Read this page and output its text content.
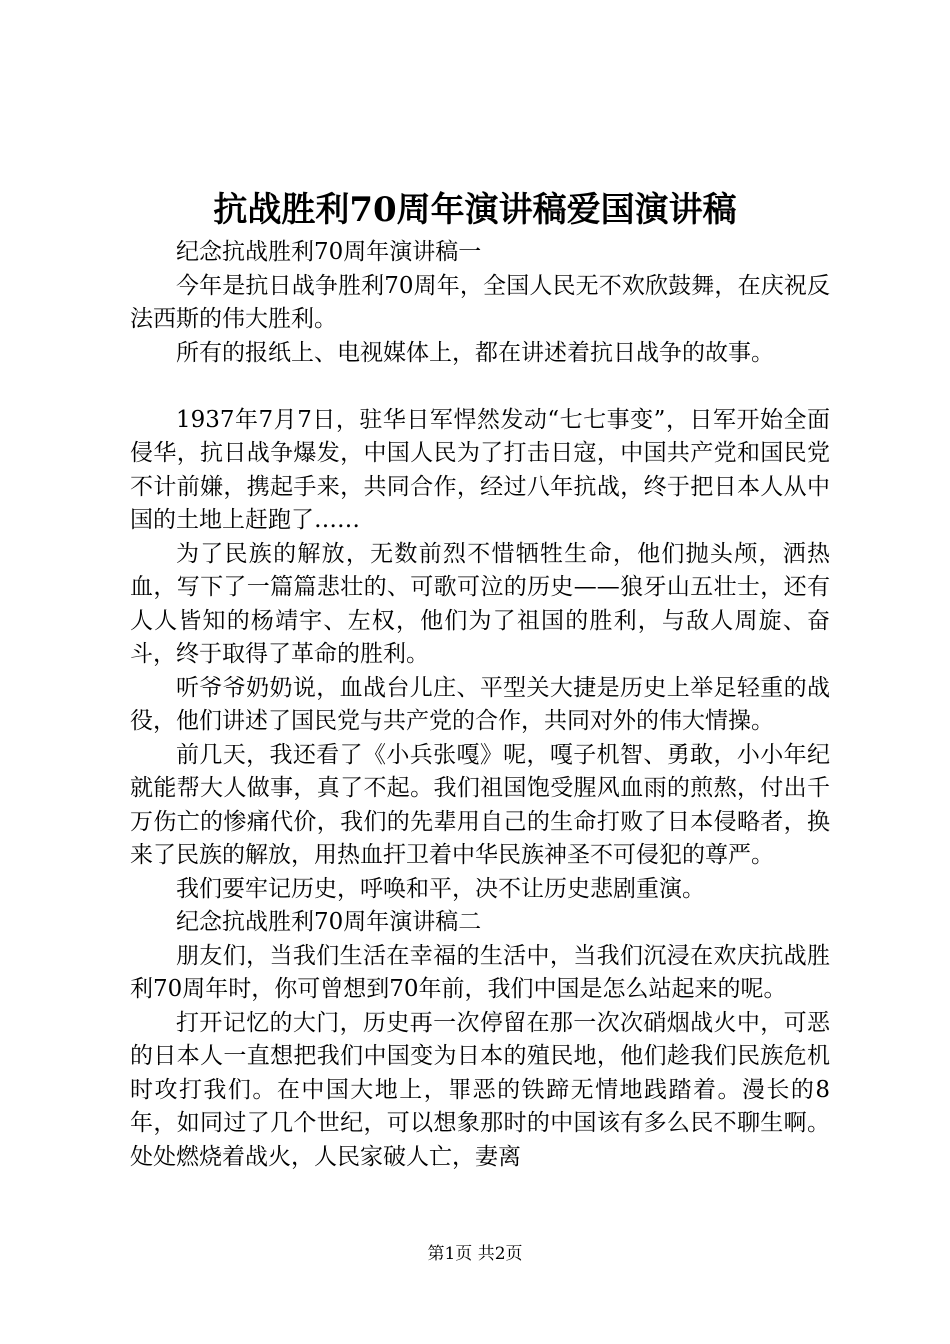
抗战胜利70周年演讲稿爱国演讲稿

纪念抗战胜利70周年演讲稿一

今年是抗日战争胜利70周年，全国人民无不欢欣鼓舞，在庆祝反法西斯的伟大胜利。

所有的报纸上、电视媒体上，都在讲述着抗日战争的故事。

1937年7月7日，驻华日军悍然发动“七七事变”，日军开始全面侵华，抗日战争爆发，中国人民为了打击日寇，中国共产党和国民党不计前嫌，携起手来，共同合作，经过八年抗战，终于把日本人从中国的土地上赶跑了……

为了民族的解放，无数前烈不惜牺牲生命，他们抛头颅，洒热血，写下了一篇篇悲壮的、可歌可泣的历史——狼牙山五壮士，还有人人皆知的杨靖宇、左权，他们为了祖国的胜利，与敌人周旋、奋斗，终于取得了革命的胜利。

听爷爷奶奶说，血战台儿庄、平型关大捷是历史上举足轻重的战役，他们讲述了国民党与共产党的合作，共同对外的伟大情操。

前几天，我还看了《小兵张嘎》呢，嘎子机智、勇敢，小小年纪就能帮大人做事，真了不起。我们祖国饱受腥风血雨的煎熬，付出千万伤亡的惨痛代价，我们的先辈用自己的生命打败了日本侵略者，换来了民族的解放，用热血扞卫着中华民族神圣不可侵犯的尊严。

我们要牢记历史，呼唤和平，决不让历史悲剧重演。

纪念抗战胜利70周年演讲稿二

朋友们，当我们生活在幸福的生活中，当我们沉浸在欢庆抗战胜利70周年时，你可曾想到70年前，我们中国是怎么站起来的呢。

打开记忆的大门，历史再一次停留在那一次次硝烟战火中，可恶的日本人一直想把我们中国变为日本的殖民地，他们趁我们民族危机时攻打我们。在中国大地上，罪恶的铁蹄无情地践踏着。漫长的8年，如同过了几个世纪，可以想象那时的中国该有多么民不聊生啊。处处燃烧着战火，人民家破人亡，妻离

第1页 共2页
